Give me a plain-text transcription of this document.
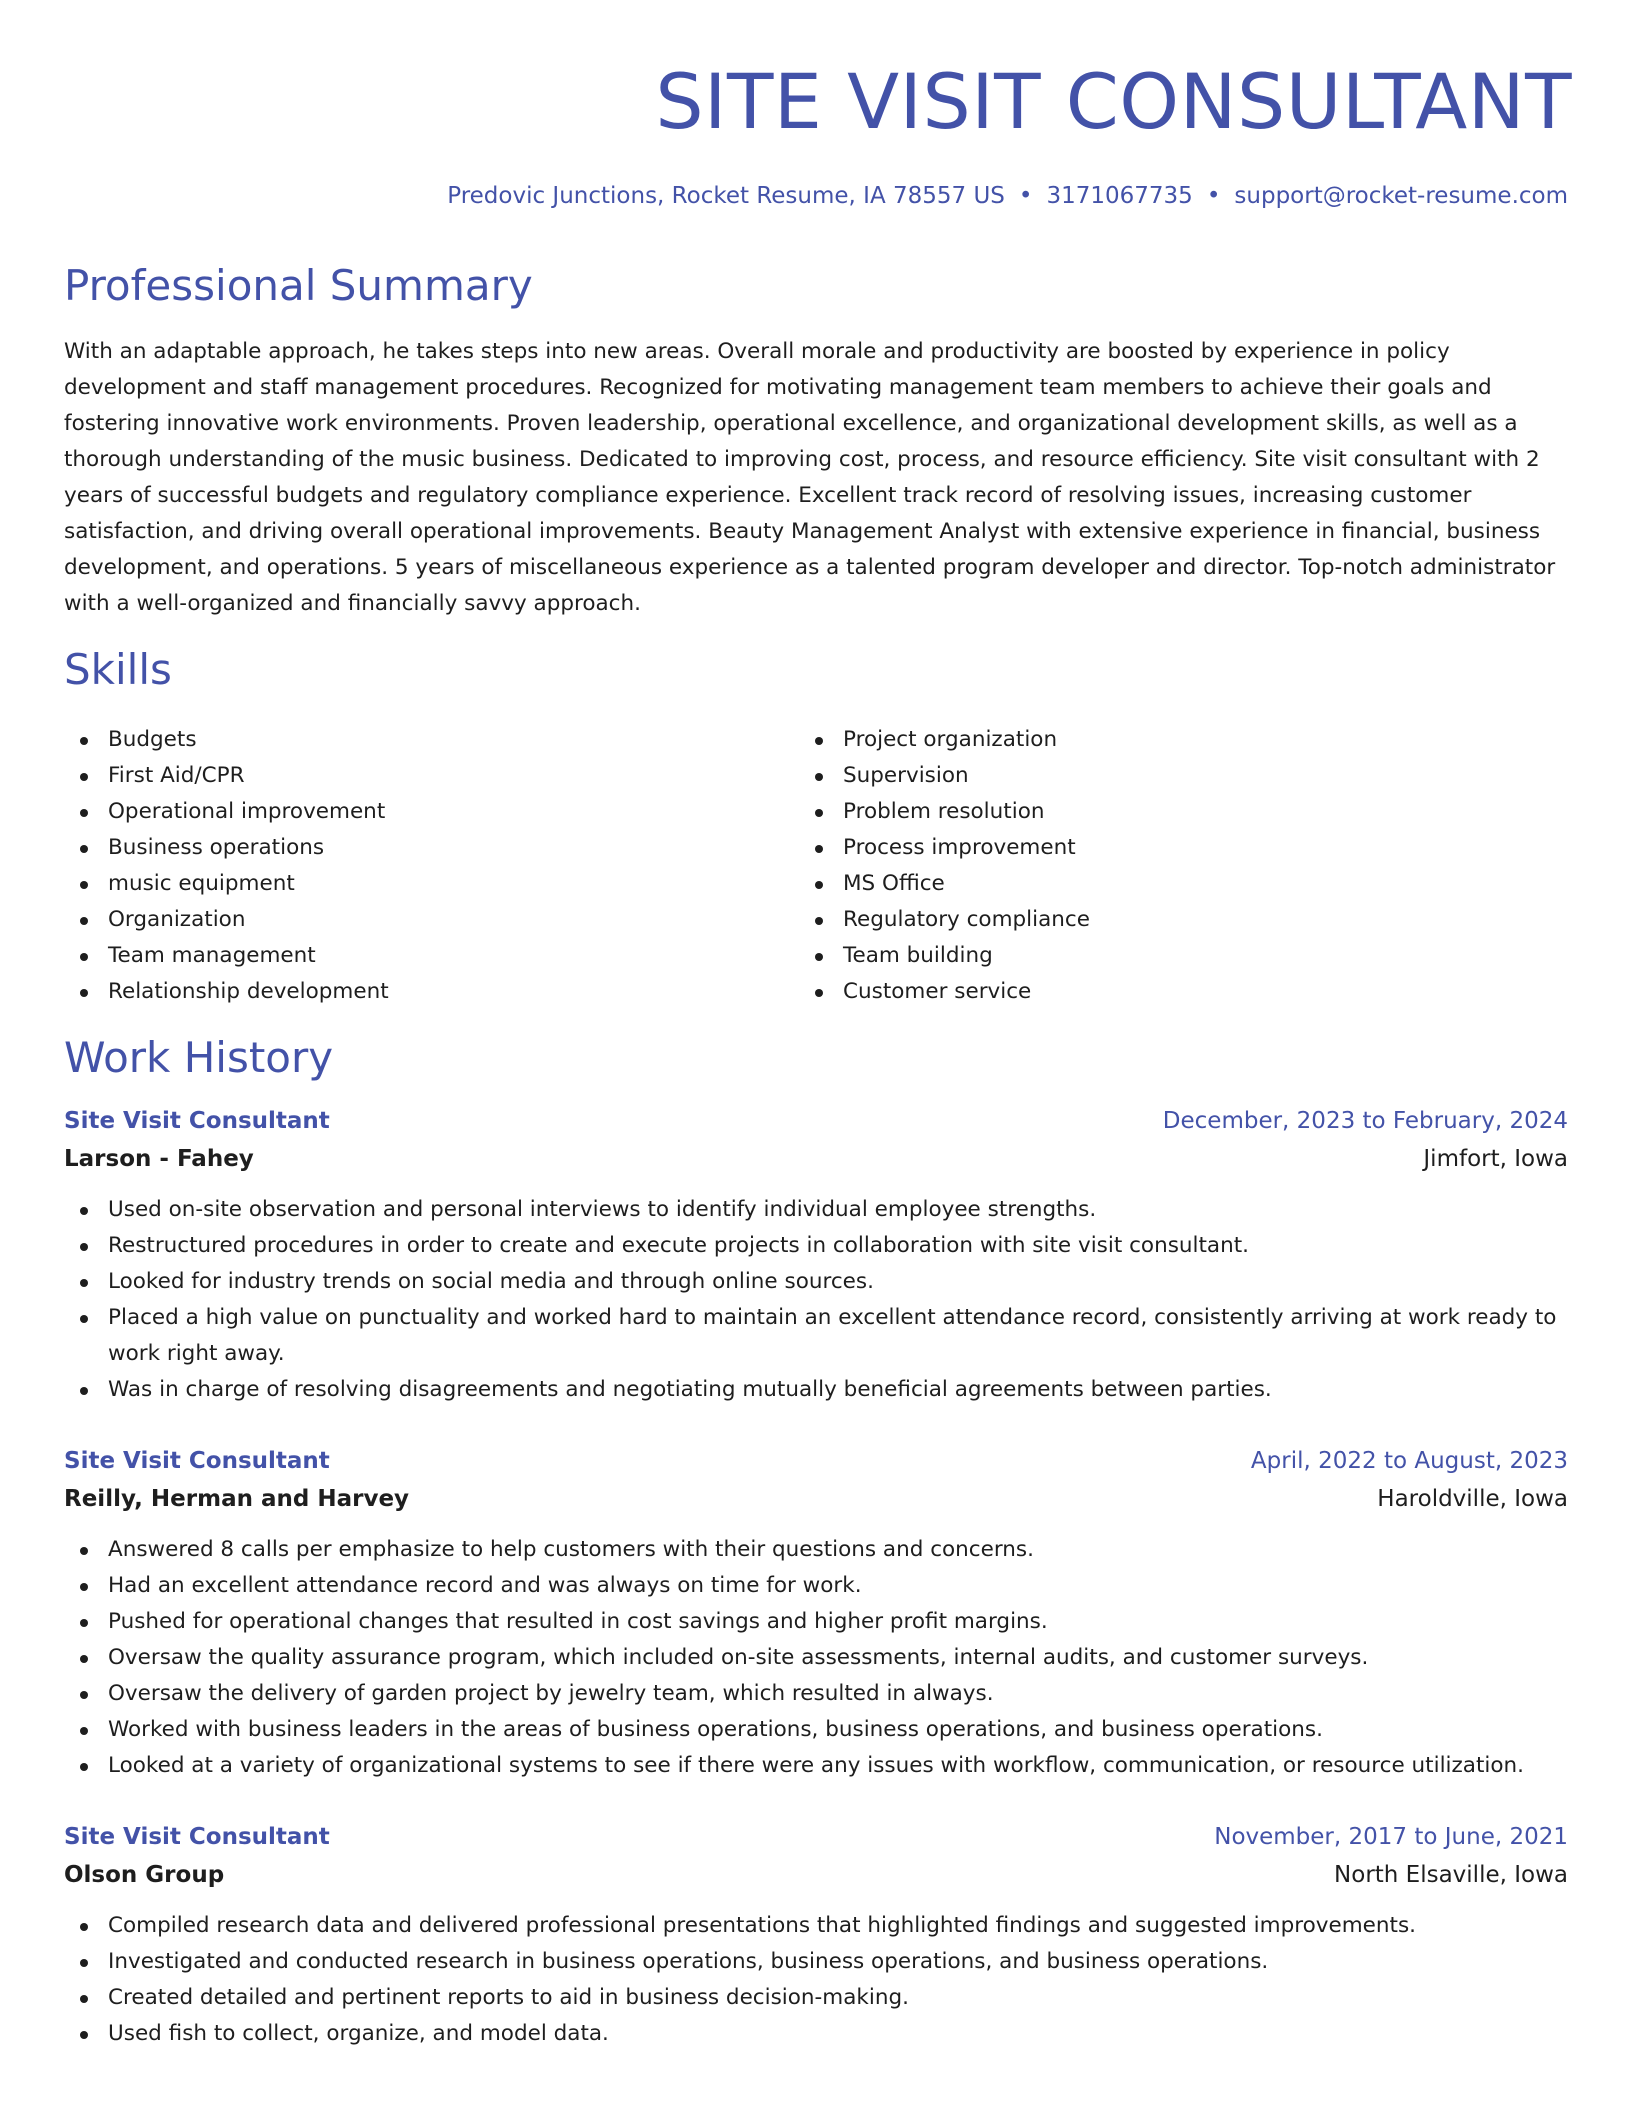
SITE VISIT CONSULTANT
Predovic Junctions, Rocket Resume, IA 78557 US • 3171067735 • support@rocket-resume.com
Professional Summary

With an adaptable approach, he takes steps into new areas. Overall morale and productivity are boosted by experience in policy development and staff management procedures. Recognized for motivating management team members to achieve their goals and fostering innovative work environments. Proven leadership, operational excellence, and organizational development skills, as well as a thorough understanding of the music business. Dedicated to improving cost, process, and resource efficiency. Site visit consultant with 2 years of successful budgets and regulatory compliance experience. Excellent track record of resolving issues, increasing customer satisfaction, and driving overall operational improvements. Beauty Management Analyst with extensive experience in financial, business development, and operations. 5 years of miscellaneous experience as a talented program developer and director. Top-notch administrator with a well-organized and financially savvy approach.

Skills
Budgets
First Aid/CPR
Operational improvement
Business operations
music equipment
Organization
Team management
Relationship development
Project organization
Supervision
Problem resolution
Process improvement
MS Office
Regulatory compliance
Team building
Customer service
Work History
Site Visit Consultant	December, 2023 to February, 2024
Larson - Fahey	Jimfort, Iowa
Used on-site observation and personal interviews to identify individual employee strengths.
Restructured procedures in order to create and execute projects in collaboration with site visit consultant.
Looked for industry trends on social media and through online sources.
Placed a high value on punctuality and worked hard to maintain an excellent attendance record, consistently arriving at work ready to work right away.
Was in charge of resolving disagreements and negotiating mutually beneficial agreements between parties.
Site Visit Consultant	April, 2022 to August, 2023
Reilly, Herman and Harvey	Haroldville, Iowa
Answered 8 calls per emphasize to help customers with their questions and concerns.
Had an excellent attendance record and was always on time for work.
Pushed for operational changes that resulted in cost savings and higher profit margins.
Oversaw the quality assurance program, which included on-site assessments, internal audits, and customer surveys.
Oversaw the delivery of garden project by jewelry team, which resulted in always.
Worked with business leaders in the areas of business operations, business operations, and business operations.
Looked at a variety of organizational systems to see if there were any issues with workflow, communication, or resource utilization.
Site Visit Consultant	November, 2017 to June, 2021
Olson Group	North Elsaville, Iowa
Compiled research data and delivered professional presentations that highlighted findings and suggested improvements.
Investigated and conducted research in business operations, business operations, and business operations.
Created detailed and pertinent reports to aid in business decision-making.
Used fish to collect, organize, and model data.
